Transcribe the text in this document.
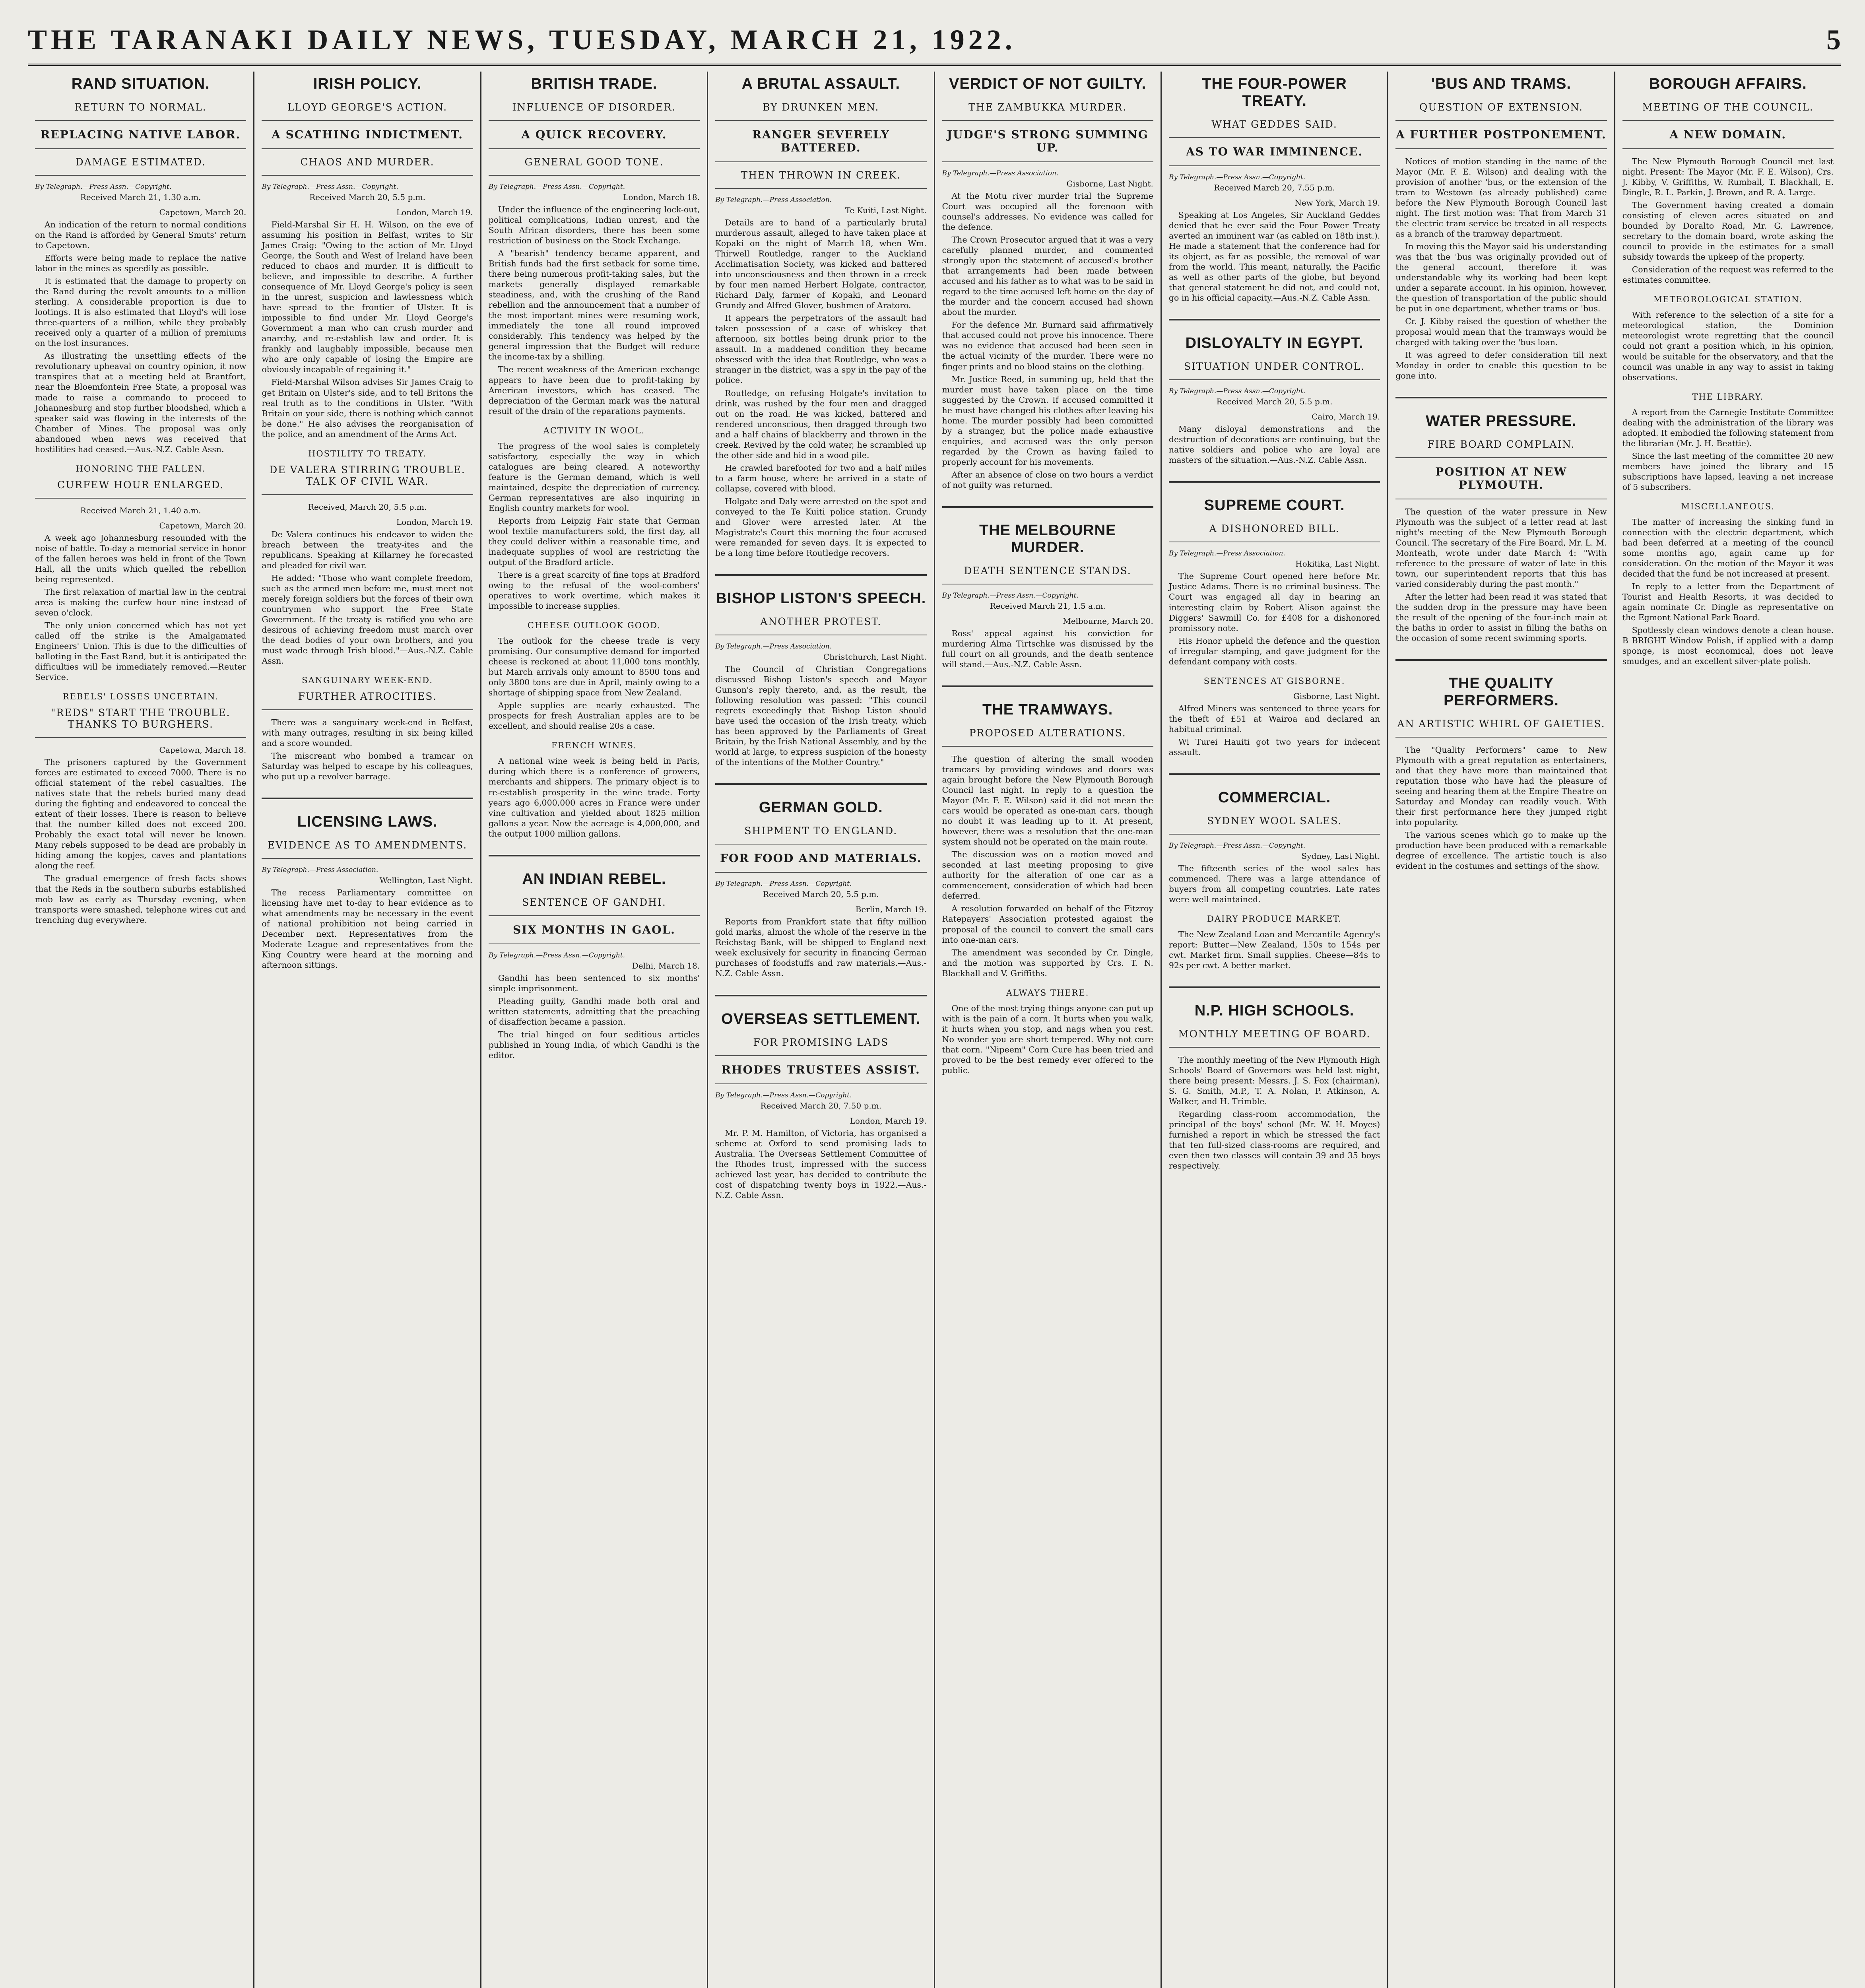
THE TARANAKI DAILY NEWS, TUESDAY, MARCH 21, 1922.	5
RAND SITUATION.
RETURN TO NORMAL.
REPLACING NATIVE LABOR.
DAMAGE ESTIMATED.
By Telegraph.—Press Assn.—Copyright.
Received March 21, 1.30 a.m.
Capetown, March 20.

An indication of the return to normal conditions on the Rand is afforded by General Smuts' return to Capetown.

Efforts were being made to replace the native labor in the mines as speedily as possible.

It is estimated that the damage to property on the Rand during the revolt amounts to a million sterling. A considerable proportion is due to lootings. It is also estimated that Lloyd's will lose three-quarters of a million, while they probably received only a quarter of a million of premiums on the lost insurances.

As illustrating the unsettling effects of the revolutionary upheaval on country opinion, it now transpires that at a meeting held at Brantfort, near the Bloemfontein Free State, a proposal was made to raise a commando to proceed to Johannesburg and stop further bloodshed, which a speaker said was flowing in the interests of the Chamber of Mines. The proposal was only abandoned when news was received that hostilities had ceased.—Aus.-N.Z. Cable Assn.

HONORING THE FALLEN.
CURFEW HOUR ENLARGED.
Received March 21, 1.40 a.m.
Capetown, March 20.

A week ago Johannesburg resounded with the noise of battle. To-day a memorial service in honor of the fallen heroes was held in front of the Town Hall, all the units which quelled the rebellion being represented.

The first relaxation of martial law in the central area is making the curfew hour nine instead of seven o'clock.

The only union concerned which has not yet called off the strike is the Amalgamated Engineers' Union. This is due to the difficulties of balloting in the East Rand, but it is anticipated the difficulties will be immediately removed.—Reuter Service.

REBELS' LOSSES UNCERTAIN.
"REDS" START THE TROUBLE. THANKS TO BURGHERS.
Capetown, March 18.

The prisoners captured by the Government forces are estimated to exceed 7000. There is no official statement of the rebel casualties. The natives state that the rebels buried many dead during the fighting and endeavored to conceal the extent of their losses. There is reason to believe that the number killed does not exceed 200. Probably the exact total will never be known. Many rebels supposed to be dead are probably in hiding among the kopjes, caves and plantations along the reef.

The gradual emergence of fresh facts shows that the Reds in the southern suburbs established mob law as early as Thursday evening, when transports were smashed, telephone wires cut and trenching dug everywhere.

IRISH POLICY.
LLOYD GEORGE'S ACTION.
A SCATHING INDICTMENT.
CHAOS AND MURDER.
By Telegraph.—Press Assn.—Copyright.
Received March 20, 5.5 p.m.
London, March 19.

Field-Marshal Sir H. H. Wilson, on the eve of assuming his position in Belfast, writes to Sir James Craig: "Owing to the action of Mr. Lloyd George, the South and West of Ireland have been reduced to chaos and murder. It is difficult to believe, and impossible to describe. A further consequence of Mr. Lloyd George's policy is seen in the unrest, suspicion and lawlessness which have spread to the frontier of Ulster. It is impossible to find under Mr. Lloyd George's Government a man who can crush murder and anarchy, and re-establish law and order. It is frankly and laughably impossible, because men who are only capable of losing the Empire are obviously incapable of regaining it."

Field-Marshal Wilson advises Sir James Craig to get Britain on Ulster's side, and to tell Britons the real truth as to the conditions in Ulster. "With Britain on your side, there is nothing which cannot be done." He also advises the reorganisation of the police, and an amendment of the Arms Act.

HOSTILITY TO TREATY.
DE VALERA STIRRING TROUBLE. TALK OF CIVIL WAR.
Received, March 20, 5.5 p.m.
London, March 19.

De Valera continues his endeavor to widen the breach between the treaty-ites and the republicans. Speaking at Killarney he forecasted and pleaded for civil war.

He added: "Those who want complete freedom, such as the armed men before me, must meet not merely foreign soldiers but the forces of their own countrymen who support the Free State Government. If the treaty is ratified you who are desirous of achieving freedom must march over the dead bodies of your own brothers, and you must wade through Irish blood."—Aus.-N.Z. Cable Assn.

SANGUINARY WEEK-END.
FURTHER ATROCITIES.

There was a sanguinary week-end in Belfast, with many outrages, resulting in six being killed and a score wounded.

The miscreant who bombed a tramcar on Saturday was helped to escape by his colleagues, who put up a revolver barrage.

LICENSING LAWS.
EVIDENCE AS TO AMENDMENTS.
By Telegraph.—Press Association.
Wellington, Last Night.

The recess Parliamentary committee on licensing have met to-day to hear evidence as to what amendments may be necessary in the event of national prohibition not being carried in December next. Representatives from the Moderate League and representatives from the King Country were heard at the morning and afternoon sittings.

BRITISH TRADE.
INFLUENCE OF DISORDER.
A QUICK RECOVERY.
GENERAL GOOD TONE.
By Telegraph.—Press Assn.—Copyright.
London, March 18.

Under the influence of the engineering lock-out, political complications, Indian unrest, and the South African disorders, there has been some restriction of business on the Stock Exchange.

A "bearish" tendency became apparent, and British funds had the first setback for some time, there being numerous profit-taking sales, but the markets generally displayed remarkable steadiness, and, with the crushing of the Rand rebellion and the announcement that a number of the most important mines were resuming work, immediately the tone all round improved considerably. This tendency was helped by the general impression that the Budget will reduce the income-tax by a shilling.

The recent weakness of the American exchange appears to have been due to profit-taking by American investors, which has ceased. The depreciation of the German mark was the natural result of the drain of the reparations payments.

ACTIVITY IN WOOL.

The progress of the wool sales is completely satisfactory, especially the way in which catalogues are being cleared. A noteworthy feature is the German demand, which is well maintained, despite the depreciation of currency. German representatives are also inquiring in English country markets for wool.

Reports from Leipzig Fair state that German wool textile manufacturers sold, the first day, all they could deliver within a reasonable time, and inadequate supplies of wool are restricting the output of the Bradford article.

There is a great scarcity of fine tops at Bradford owing to the refusal of the wool-combers' operatives to work overtime, which makes it impossible to increase supplies.

CHEESE OUTLOOK GOOD.

The outlook for the cheese trade is very promising. Our consumptive demand for imported cheese is reckoned at about 11,000 tons monthly, but March arrivals only amount to 8500 tons and only 3800 tons are due in April, mainly owing to a shortage of shipping space from New Zealand.

Apple supplies are nearly exhausted. The prospects for fresh Australian apples are to be excellent, and should realise 20s a case.

FRENCH WINES.

A national wine week is being held in Paris, during which there is a conference of growers, merchants and shippers. The primary object is to re-establish prosperity in the wine trade. Forty years ago 6,000,000 acres in France were under vine cultivation and yielded about 1825 million gallons a year. Now the acreage is 4,000,000, and the output 1000 million gallons.

AN INDIAN REBEL.
SENTENCE OF GANDHI.
SIX MONTHS IN GAOL.
By Telegraph.—Press Assn.—Copyright.
Delhi, March 18.

Gandhi has been sentenced to six months' simple imprisonment.

Pleading guilty, Gandhi made both oral and written statements, admitting that the preaching of disaffection became a passion.

The trial hinged on four seditious articles published in Young India, of which Gandhi is the editor.

A BRUTAL ASSAULT.
BY DRUNKEN MEN.
RANGER SEVERELY BATTERED.
THEN THROWN IN CREEK.
By Telegraph.—Press Association.
Te Kuiti, Last Night.

Details are to hand of a particularly brutal murderous assault, alleged to have taken place at Kopaki on the night of March 18, when Wm. Thirwell Routledge, ranger to the Auckland Acclimatisation Society, was kicked and battered into unconsciousness and then thrown in a creek by four men named Herbert Holgate, contractor, Richard Daly, farmer of Kopaki, and Leonard Grundy and Alfred Glover, bushmen of Aratoro.

It appears the perpetrators of the assault had taken possession of a case of whiskey that afternoon, six bottles being drunk prior to the assault. In a maddened condition they became obsessed with the idea that Routledge, who was a stranger in the district, was a spy in the pay of the police.

Routledge, on refusing Holgate's invitation to drink, was rushed by the four men and dragged out on the road. He was kicked, battered and rendered unconscious, then dragged through two and a half chains of blackberry and thrown in the creek. Revived by the cold water, he scrambled up the other side and hid in a wood pile.

He crawled barefooted for two and a half miles to a farm house, where he arrived in a state of collapse, covered with blood.

Holgate and Daly were arrested on the spot and conveyed to the Te Kuiti police station. Grundy and Glover were arrested later. At the Magistrate's Court this morning the four accused were remanded for seven days. It is expected to be a long time before Routledge recovers.

BISHOP LISTON'S SPEECH.
ANOTHER PROTEST.
By Telegraph.—Press Association.
Christchurch, Last Night.

The Council of Christian Congregations discussed Bishop Liston's speech and Mayor Gunson's reply thereto, and, as the result, the following resolution was passed: "This council regrets exceedingly that Bishop Liston should have used the occasion of the Irish treaty, which has been approved by the Parliaments of Great Britain, by the Irish National Assembly, and by the world at large, to express suspicion of the honesty of the intentions of the Mother Country."

GERMAN GOLD.
SHIPMENT TO ENGLAND.
FOR FOOD AND MATERIALS.
By Telegraph.—Press Assn.—Copyright.
Received March 20, 5.5 p.m.
Berlin, March 19.

Reports from Frankfort state that fifty million gold marks, almost the whole of the reserve in the Reichstag Bank, will be shipped to England next week exclusively for security in financing German purchases of foodstuffs and raw materials.—Aus.-N.Z. Cable Assn.

OVERSEAS SETTLEMENT.
FOR PROMISING LADS
RHODES TRUSTEES ASSIST.
By Telegraph.—Press Assn.—Copyright.
Received March 20, 7.50 p.m.
London, March 19.

Mr. P. M. Hamilton, of Victoria, has organised a scheme at Oxford to send promising lads to Australia. The Overseas Settlement Committee of the Rhodes trust, impressed with the success achieved last year, has decided to contribute the cost of dispatching twenty boys in 1922.—Aus.-N.Z. Cable Assn.

VERDICT OF NOT GUILTY.
THE ZAMBUKKA MURDER.
JUDGE'S STRONG SUMMING UP.
By Telegraph.—Press Association.
Gisborne, Last Night.

At the Motu river murder trial the Supreme Court was occupied all the forenoon with counsel's addresses. No evidence was called for the defence.

The Crown Prosecutor argued that it was a very carefully planned murder, and commented strongly upon the statement of accused's brother that arrangements had been made between accused and his father as to what was to be said in regard to the time accused left home on the day of the murder and the concern accused had shown about the murder.

For the defence Mr. Burnard said affirmatively that accused could not prove his innocence. There was no evidence that accused had been seen in the actual vicinity of the murder. There were no finger prints and no blood stains on the clothing.

Mr. Justice Reed, in summing up, held that the murder must have taken place on the time suggested by the Crown. If accused committed it he must have changed his clothes after leaving his home. The murder possibly had been committed by a stranger, but the police made exhaustive enquiries, and accused was the only person regarded by the Crown as having failed to properly account for his movements.

After an absence of close on two hours a verdict of not guilty was returned.

THE MELBOURNE MURDER.
DEATH SENTENCE STANDS.
By Telegraph.—Press Assn.—Copyright.
Received March 21, 1.5 a.m.
Melbourne, March 20.

Ross' appeal against his conviction for murdering Alma Tirtschke was dismissed by the full court on all grounds, and the death sentence will stand.—Aus.-N.Z. Cable Assn.

THE TRAMWAYS.
PROPOSED ALTERATIONS.

The question of altering the small wooden tramcars by providing windows and doors was again brought before the New Plymouth Borough Council last night. In reply to a question the Mayor (Mr. F. E. Wilson) said it did not mean the cars would be operated as one-man cars, though no doubt it was leading up to it. At present, however, there was a resolution that the one-man system should not be operated on the main route.

The discussion was on a motion moved and seconded at last meeting proposing to give authority for the alteration of one car as a commencement, consideration of which had been deferred.

A resolution forwarded on behalf of the Fitzroy Ratepayers' Association protested against the proposal of the council to convert the small cars into one-man cars.

The amendment was seconded by Cr. Dingle, and the motion was supported by Crs. T. N. Blackhall and V. Griffiths.

ALWAYS THERE.

One of the most trying things anyone can put up with is the pain of a corn. It hurts when you walk, it hurts when you stop, and nags when you rest. No wonder you are short tempered. Why not cure that corn. "Nipeem" Corn Cure has been tried and proved to be the best remedy ever offered to the public.

THE FOUR-POWER TREATY.
WHAT GEDDES SAID.
AS TO WAR IMMINENCE.
By Telegraph.—Press Assn.—Copyright.
Received March 20, 7.55 p.m.
New York, March 19.

Speaking at Los Angeles, Sir Auckland Geddes denied that he ever said the Four Power Treaty averted an imminent war (as cabled on 18th inst.). He made a statement that the conference had for its object, as far as possible, the removal of war from the world. This meant, naturally, the Pacific as well as other parts of the globe, but beyond that general statement he did not, and could not, go in his official capacity.—Aus.-N.Z. Cable Assn.

DISLOYALTY IN EGYPT.
SITUATION UNDER CONTROL.
By Telegraph.—Press Assn.—Copyright.
Received March 20, 5.5 p.m.
Cairo, March 19.

Many disloyal demonstrations and the destruction of decorations are continuing, but the native soldiers and police who are loyal are masters of the situation.—Aus.-N.Z. Cable Assn.

SUPREME COURT.
A DISHONORED BILL.
By Telegraph.—Press Association.
Hokitika, Last Night.

The Supreme Court opened here before Mr. Justice Adams. There is no criminal business. The Court was engaged all day in hearing an interesting claim by Robert Alison against the Diggers' Sawmill Co. for £408 for a dishonored promissory note.

His Honor upheld the defence and the question of irregular stamping, and gave judgment for the defendant company with costs.

SENTENCES AT GISBORNE.
Gisborne, Last Night.

Alfred Miners was sentenced to three years for the theft of £51 at Wairoa and declared an habitual criminal.

Wi Turei Hauiti got two years for indecent assault.

COMMERCIAL.
SYDNEY WOOL SALES.
By Telegraph.—Press Assn.—Copyright.
Sydney, Last Night.

The fifteenth series of the wool sales has commenced. There was a large attendance of buyers from all competing countries. Late rates were well maintained.

DAIRY PRODUCE MARKET.

The New Zealand Loan and Mercantile Agency's report: Butter—New Zealand, 150s to 154s per cwt. Market firm. Small supplies. Cheese—84s to 92s per cwt. A better market.

N.P. HIGH SCHOOLS.
MONTHLY MEETING OF BOARD.

The monthly meeting of the New Plymouth High Schools' Board of Governors was held last night, there being present: Messrs. J. S. Fox (chairman), S. G. Smith, M.P., T. A. Nolan, P. Atkinson, A. Walker, and H. Trimble.

Regarding class-room accommodation, the principal of the boys' school (Mr. W. H. Moyes) furnished a report in which he stressed the fact that ten full-sized class-rooms are required, and even then two classes will contain 39 and 35 boys respectively.

'BUS AND TRAMS.
QUESTION OF EXTENSION.
A FURTHER POSTPONEMENT.

Notices of motion standing in the name of the Mayor (Mr. F. E. Wilson) and dealing with the provision of another 'bus, or the extension of the tram to Westown (as already published) came before the New Plymouth Borough Council last night. The first motion was: That from March 31 the electric tram service be treated in all respects as a branch of the tramway department.

In moving this the Mayor said his understanding was that the 'bus was originally provided out of the general account, therefore it was understandable why its working had been kept under a separate account. In his opinion, however, the question of transportation of the public should be put in one department, whether trams or 'bus.

Cr. J. Kibby raised the question of whether the proposal would mean that the tramways would be charged with taking over the 'bus loan.

It was agreed to defer consideration till next Monday in order to enable this question to be gone into.

WATER PRESSURE.
FIRE BOARD COMPLAIN.
POSITION AT NEW PLYMOUTH.

The question of the water pressure in New Plymouth was the subject of a letter read at last night's meeting of the New Plymouth Borough Council. The secretary of the Fire Board, Mr. L. M. Monteath, wrote under date March 4: "With reference to the pressure of water of late in this town, our superintendent reports that this has varied considerably during the past month."

After the letter had been read it was stated that the sudden drop in the pressure may have been the result of the opening of the four-inch main at the baths in order to assist in filling the baths on the occasion of some recent swimming sports.

THE QUALITY PERFORMERS.
AN ARTISTIC WHIRL OF GAIETIES.

The "Quality Performers" came to New Plymouth with a great reputation as entertainers, and that they have more than maintained that reputation those who have had the pleasure of seeing and hearing them at the Empire Theatre on Saturday and Monday can readily vouch. With their first performance here they jumped right into popularity.

The various scenes which go to make up the production have been produced with a remarkable degree of excellence. The artistic touch is also evident in the costumes and settings of the show.

BOROUGH AFFAIRS.
MEETING OF THE COUNCIL.
A NEW DOMAIN.

The New Plymouth Borough Council met last night. Present: The Mayor (Mr. F. E. Wilson), Crs. J. Kibby, V. Griffiths, W. Rumball, T. Blackhall, E. Dingle, R. L. Parkin, J. Brown, and R. A. Large.

The Government having created a domain consisting of eleven acres situated on and bounded by Doralto Road, Mr. G. Lawrence, secretary to the domain board, wrote asking the council to provide in the estimates for a small subsidy towards the upkeep of the property.

Consideration of the request was referred to the estimates committee.

METEOROLOGICAL STATION.

With reference to the selection of a site for a meteorological station, the Dominion meteorologist wrote regretting that the council could not grant a position which, in his opinion, would be suitable for the observatory, and that the council was unable in any way to assist in taking observations.

THE LIBRARY.

A report from the Carnegie Institute Committee dealing with the administration of the library was adopted. It embodied the following statement from the librarian (Mr. J. H. Beattie).

Since the last meeting of the committee 20 new members have joined the library and 15 subscriptions have lapsed, leaving a net increase of 5 subscribers.

MISCELLANEOUS.

The matter of increasing the sinking fund in connection with the electric department, which had been deferred at a meeting of the council some months ago, again came up for consideration. On the motion of the Mayor it was decided that the fund be not increased at present.

In reply to a letter from the Department of Tourist and Health Resorts, it was decided to again nominate Cr. Dingle as representative on the Egmont National Park Board.

Spotlessly clean windows denote a clean house. B BRIGHT Window Polish, if applied with a damp sponge, is most economical, does not leave smudges, and an excellent silver-plate polish.
